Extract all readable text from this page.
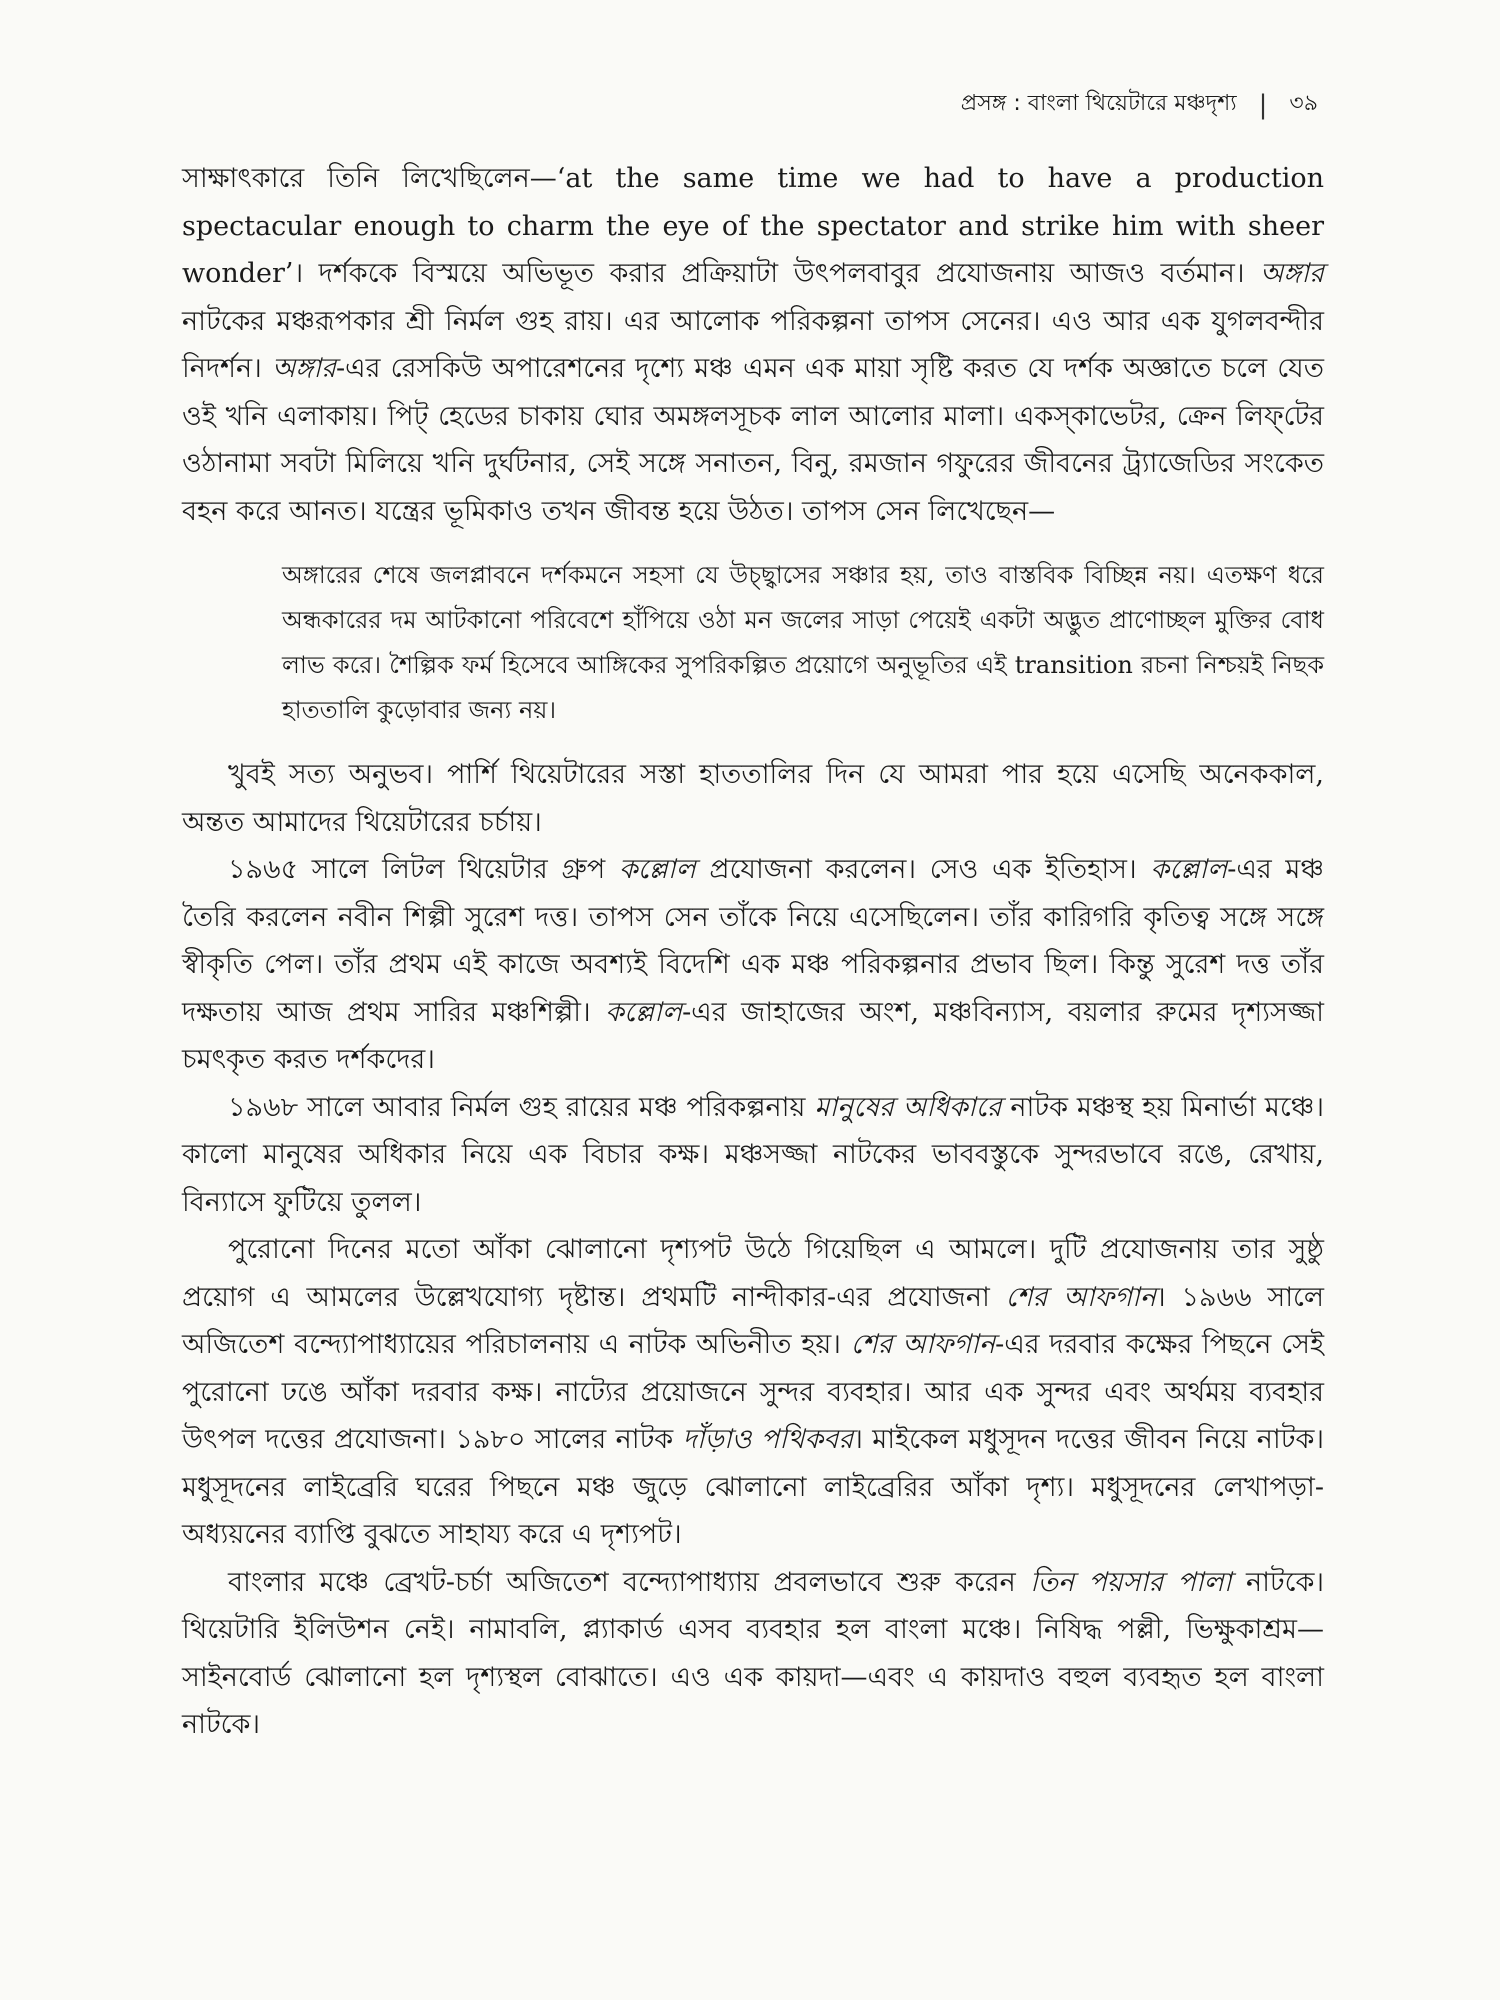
প্রসঙ্গ : বাংলা থিয়েটারে মঞ্চদৃশ্য | ৩৯

সাক্ষাৎকারে তিনি লিখেছিলেন—‘at the same time we had to have a production spectacular enough to charm the eye of the spectator and strike him with sheer wonder’। দর্শককে বিস্ময়ে অভিভূত করার প্রক্রিয়াটা উৎপলবাবুর প্রযোজনায় আজও বর্তমান। অঙ্গার নাটকের মঞ্চরূপকার শ্রী নির্মল গুহ রায়। এর আলোক পরিকল্পনা তাপস সেনের। এও আর এক যুগলবন্দীর নিদর্শন। অঙ্গার-এর রেসকিউ অপারেশনের দৃশ্যে মঞ্চ এমন এক মায়া সৃষ্টি করত যে দর্শক অজ্ঞাতে চলে যেত ওই খনি এলাকায়। পিট্ হেডের চাকায় ঘোর অমঙ্গলসূচক লাল আলোর মালা। একস্‌কাভেটর, ক্রেন লিফ্‌টের ওঠানামা সবটা মিলিয়ে খনি দুর্ঘটনার, সেই সঙ্গে সনাতন, বিনু, রমজান গফুরের জীবনের ট্র্যাজেডির সংকেত বহন করে আনত। যন্ত্রের ভূমিকাও তখন জীবন্ত হয়ে উঠত। তাপস সেন লিখেছেন—

অঙ্গারের শেষে জলপ্লাবনে দর্শকমনে সহসা যে উচ্ছ্বাসের সঞ্চার হয়, তাও বাস্তবিক বিচ্ছিন্ন নয়। এতক্ষণ ধরে অন্ধকারের দম আটকানো পরিবেশে হাঁপিয়ে ওঠা মন জলের সাড়া পেয়েই একটা অদ্ভুত প্রাণোচ্ছল মুক্তির বোধ লাভ করে। শৈল্পিক ফর্ম হিসেবে আঙ্গিকের সুপরিকল্পিত প্রয়োগে অনুভূতির এই transition রচনা নিশ্চয়ই নিছক হাততালি কুড়োবার জন্য নয়।

খুবই সত্য অনুভব। পার্শি থিয়েটারের সস্তা হাততালির দিন যে আমরা পার হয়ে এসেছি অনেককাল, অন্তত আমাদের থিয়েটারের চর্চায়।

১৯৬৫ সালে লিটল থিয়েটার গ্রুপ কল্লোল প্রযোজনা করলেন। সেও এক ইতিহাস। কল্লোল-এর মঞ্চ তৈরি করলেন নবীন শিল্পী সুরেশ দত্ত। তাপস সেন তাঁকে নিয়ে এসেছিলেন। তাঁর কারিগরি কৃতিত্ব সঙ্গে সঙ্গে স্বীকৃতি পেল। তাঁর প্রথম এই কাজে অবশ্যই বিদেশি এক মঞ্চ পরিকল্পনার প্রভাব ছিল। কিন্তু সুরেশ দত্ত তাঁর দক্ষতায় আজ প্রথম সারির মঞ্চশিল্পী। কল্লোল-এর জাহাজের অংশ, মঞ্চবিন্যাস, বয়লার রুমের দৃশ্যসজ্জা চমৎকৃত করত দর্শকদের।

১৯৬৮ সালে আবার নির্মল গুহ রায়ের মঞ্চ পরিকল্পনায় মানুষের অধিকারে নাটক মঞ্চস্থ হয় মিনার্ভা মঞ্চে। কালো মানুষের অধিকার নিয়ে এক বিচার কক্ষ। মঞ্চসজ্জা নাটকের ভাববস্তুকে সুন্দরভাবে রঙে, রেখায়, বিন্যাসে ফুটিয়ে তুলল।

পুরোনো দিনের মতো আঁকা ঝোলানো দৃশ্যপট উঠে গিয়েছিল এ আমলে। দুটি প্রযোজনায় তার সুষ্ঠু প্রয়োগ এ আমলের উল্লেখযোগ্য দৃষ্টান্ত। প্রথমটি নান্দীকার-এর প্রযোজনা শের আফগান। ১৯৬৬ সালে অজিতেশ বন্দ্যোপাধ্যায়ের পরিচালনায় এ নাটক অভিনীত হয়। শের আফগান-এর দরবার কক্ষের পিছনে সেই পুরোনো ঢঙে আঁকা দরবার কক্ষ। নাট্যের প্রয়োজনে সুন্দর ব্যবহার। আর এক সুন্দর এবং অর্থময় ব্যবহার উৎপল দত্তের প্রযোজনা। ১৯৮০ সালের নাটক দাঁড়াও পথিকবর। মাইকেল মধুসূদন দত্তের জীবন নিয়ে নাটক। মধুসূদনের লাইব্রেরি ঘরের পিছনে মঞ্চ জুড়ে ঝোলানো লাইব্রেরির আঁকা দৃশ্য। মধুসূদনের লেখাপড়া-অধ্যয়নের ব্যাপ্তি বুঝতে সাহায্য করে এ দৃশ্যপট।

বাংলার মঞ্চে ব্রেখট-চর্চা অজিতেশ বন্দ্যোপাধ্যায় প্রবলভাবে শুরু করেন তিন পয়সার পালা নাটকে। থিয়েটারি ইলিউশন নেই। নামাবলি, প্ল্যাকার্ড এসব ব্যবহার হল বাংলা মঞ্চে। নিষিদ্ধ পল্লী, ভিক্ষুকাশ্রম—সাইনবোর্ড ঝোলানো হল দৃশ্যস্থল বোঝাতে। এও এক কায়দা—এবং এ কায়দাও বহুল ব্যবহৃত হল বাংলা নাটকে।
